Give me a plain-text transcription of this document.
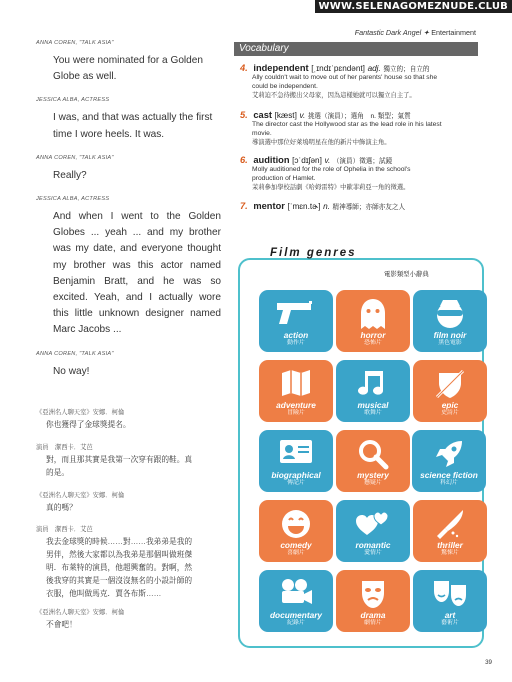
WWW.SELENAGOMEZNUDE.CLUB
Fantastic Dark Angel ✦ Entertainment
ANNA COREN, "TALK ASIA"
You were nominated for a Golden Globe as well.
JESSICA ALBA, ACTRESS
I was, and that was actually the first time I wore heels. It was.
ANNA COREN, "TALK ASIA"
Really?
JESSICA ALBA, ACTRESS
And when I went to the Golden Globes ... yeah ... and my brother was my date, and everyone thought my brother was this actor named Benjamin Bratt, and he was so excited. Yeah, and I actually wore this little unknown designer named Marc Jacobs ...
ANNA COREN, "TALK ASIA"
No way!
《亞洲名人聊天室》安娜．柯倫
你也獲得了金球獎提名。
演員　潔西卡．艾芭
對，而且那其實是我第一次穿有跟的鞋。真
的是。
《亞洲名人聊天室》安娜．柯倫
真的嗎？
演員　潔西卡．艾芭
我去金球獎的時候……對……我弟弟是我的
男伴，然後大家都以為我弟是那個叫做班傑
明．布萊特的演員，他超興奮的。對啊，然
後我穿的其實是一個沒沒無名的小設計師的
衣服，他叫做馬克．賈各布斯……
《亞洲名人聊天室》安娜．柯倫
不會吧！
Vocabulary
4. independent [ˌɪndɪˈpɛndənt] adj. 獨立的；自立的
Ally couldn't wait to move out of her parents' house so that she
could be independent.
艾莉迫不急待搬出父母家，因為這樣她就可以獨立自主了。
5. cast [kæst] v. 挑選（演員）；選角　n. 類型；氣質
The director cast the Hollywood star as the lead role in his latest
movie.
導演選中那位好萊塢明星在他的新片中飾演主角。
6. audition [ɔˈdɪʃən] v. （演員）徵選；試鏡
Molly auditioned for the role of Ophelia in the school's
production of Hamlet.
茉莉參加學校話劇《哈姆雷特》中歐菲莉亞一角的徵選。
7. mentor [ˈmɛn.tɚ] n. 精神導師；亦師亦友之人
Film genres
電影類型小辭典
action
動作片
horror
恐怖片
film noir
黑色電影
adventure
冒險片
musical
歌舞片
epic
史詩片
biographical
傳記片
mystery
懸疑片
science fiction
科幻片
comedy
喜劇片
romantic
愛情片
thriller
驚悚片
documentary
紀錄片
drama
劇情片
art
藝術片
39
